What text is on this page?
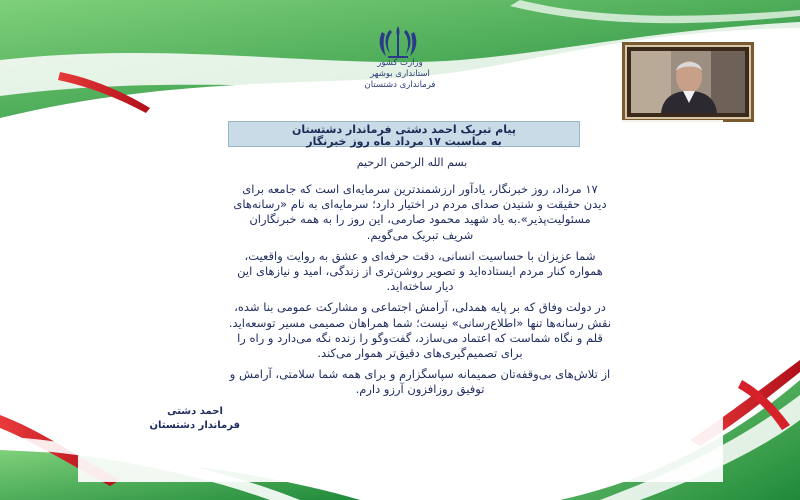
وزارت کشور
استانداری بوشهر
فرمانداری دشتستان
پیام تبریک احمد دشتی فرماندار دشتستان
به مناسبت ۱۷ مرداد ماه روز خبرنگار
بسم الله الرحمن الرحیم

۱۷ مرداد، روز خبرنگار، یادآور ارزشمندترین سرمایه‌ای است که جامعه برای
دیدن حقیقت و شنیدن صدای مردم در اختیار دارد؛ سرمایه‌ای به نام «رسانه‌های
مسئولیت‌پذیر».به یاد شهید محمود صارمی، این روز را به همه خبرنگاران
شریف تبریک می‌گویم.

شما عزیزان با حساسیت انسانی، دقت حرفه‌ای و عشق به روایت واقعیت،
همواره کنار مردم ایستاده‌اید و تصویر روشن‌تری از زندگی، امید و نیازهای این
دیار ساخته‌اید.

در دولت وفاق که بر پایه همدلی، آرامش اجتماعی و مشارکت عمومی بنا شده،
نقش رسانه‌ها تنها «اطلاع‌رسانی» نیست؛ شما همراهان صمیمی مسیر توسعه‌اید.
قلم و نگاه شماست که اعتماد می‌سازد، گفت‌وگو را زنده نگه می‌دارد و راه را
برای تصمیم‌گیری‌های دقیق‌تر هموار می‌کند.

از تلاش‌های بی‌وقفه‌تان صمیمانه سپاسگزارم و برای همه شما سلامتی، آرامش و
توفیق روزافزون آرزو دارم.

احمد دشتی
فرماندار دشتستان
